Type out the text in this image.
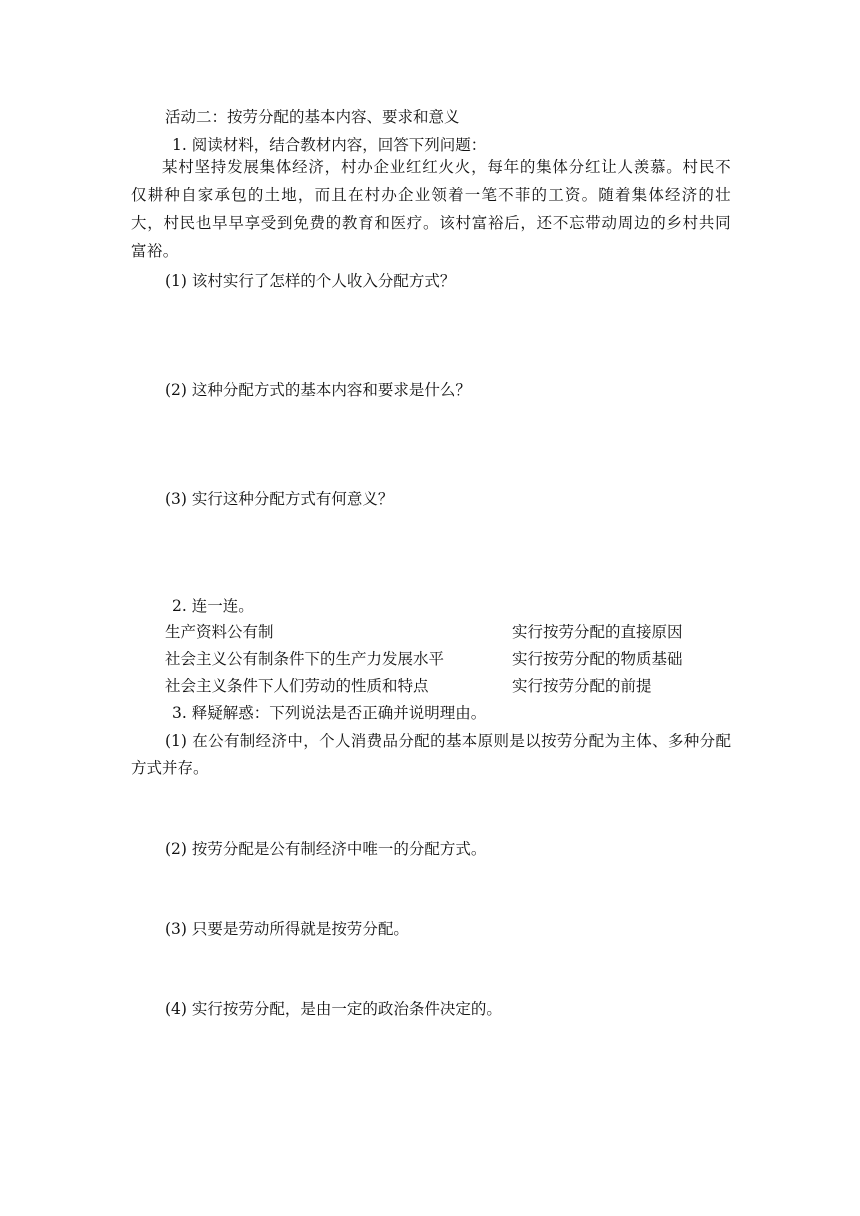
活动二：按劳分配的基本内容、要求和意义
1. 阅读材料，结合教材内容，回答下列问题：
某村坚持发展集体经济，村办企业红红火火，每年的集体分红让人羡慕。村民不仅耕种自家承包的土地，而且在村办企业领着一笔不菲的工资。随着集体经济的壮大，村民也早早享受到免费的教育和医疗。该村富裕后，还不忘带动周边的乡村共同富裕。
(1) 该村实行了怎样的个人收入分配方式？
(2) 这种分配方式的基本内容和要求是什么？
(3) 实行这种分配方式有何意义？
2. 连一连。
生产资料公有制	实行按劳分配的直接原因
社会主义公有制条件下的生产力发展水平	实行按劳分配的物质基础
社会主义条件下人们劳动的性质和特点	实行按劳分配的前提
3. 释疑解惑：下列说法是否正确并说明理由。
(1) 在公有制经济中，个人消费品分配的基本原则是以按劳分配为主体、多种分配方式并存。
(2) 按劳分配是公有制经济中唯一的分配方式。
(3) 只要是劳动所得就是按劳分配。
(4) 实行按劳分配，是由一定的政治条件决定的。
